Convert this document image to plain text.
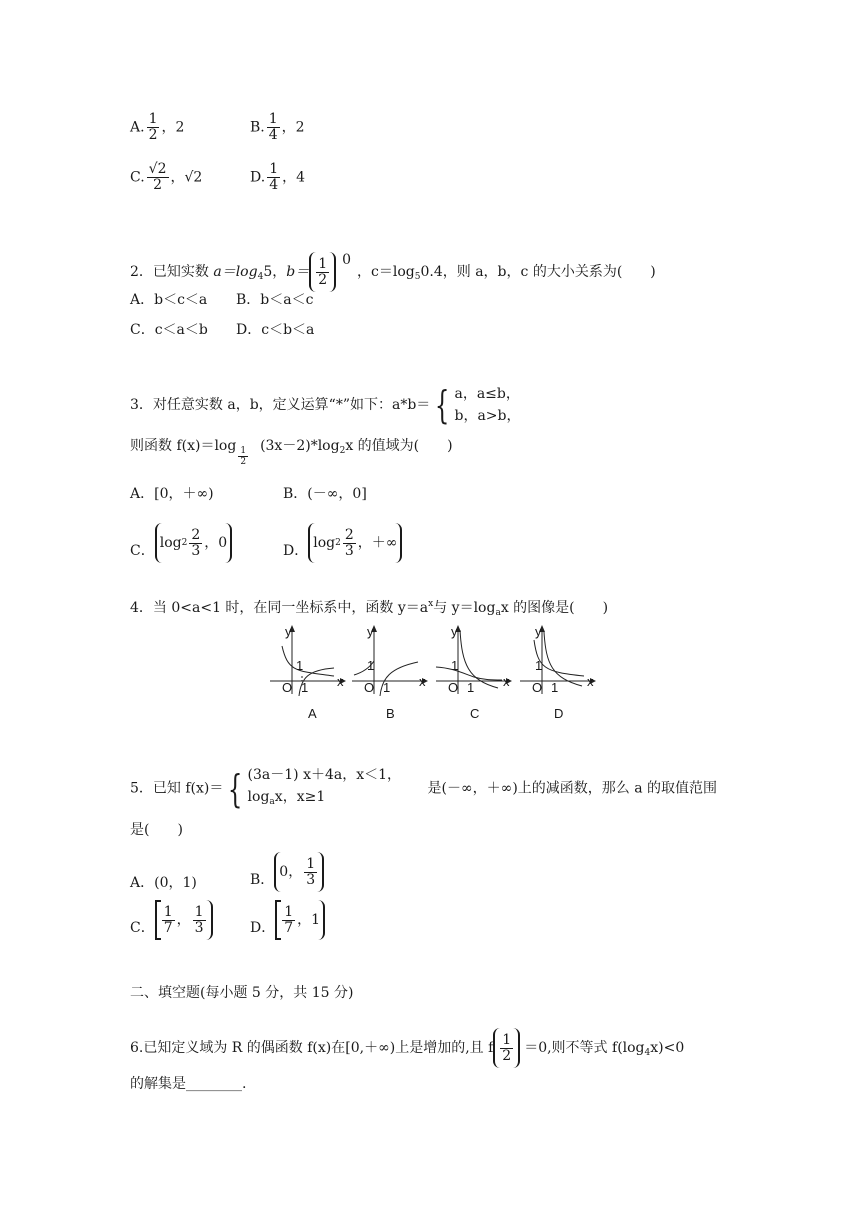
A. $\frac{1}{2}$ ，2	B. $\frac{1}{4}$ ，2
C. $\frac{√2}{2}$ ，√2	D. $\frac{1}{4}$ ，4
2．已知实数 $a=\log_45$，$b= \frac{1}{2} 0$，$c=\log_50.4$，则 a，b，c 的大小关系为(　　)
A．b＜c＜a B．b＜a＜c
C．c＜a＜b D．c＜b＜a
3．对任意实数 a，b，定义运算“*”如下：a*b＝ { a，a≤b，
b，a>b，
则函数 $f(x)=\log \frac{1}{2} (3x-2)*\log_2x$ 的值域为(　　)
A．[0，＋∞)	B．(－∞，0]
C． $\log 2 \frac{2}{3}$ ，0	D． $\log 2 \frac{2}{3}$ ，＋∞
4．当 0<a<1 时，在同一坐标系中，函数 $y=a^x$与 $y=\log_ax$ 的图像是(　　)
y
x
O 1
1
A
y
x
O 1
1
B
y
x
O 1
1
C
y
x
O 1
1
D
5．已知 f(x)＝ { (3a－1) x＋4a，x＜1，
$\log_ax$，x≥1
是(－∞，＋∞)上的减函数，那么 a 的取值范围
是(　　)
A．(0，1)	B． 0， $\frac{1}{3}$
C． $\frac{1}{7}$ ， $\frac{1}{3}$	D． $\frac{1}{7}$ ，1
二、填空题(每小题 5 分，共 15 分)
6.已知定义域为 R 的偶函数 f(x)在[0,＋∞)上是增加的,且 f $\frac{1}{2} =0$,则不等式 $f(\log_4x)<0$
的解集是________.
